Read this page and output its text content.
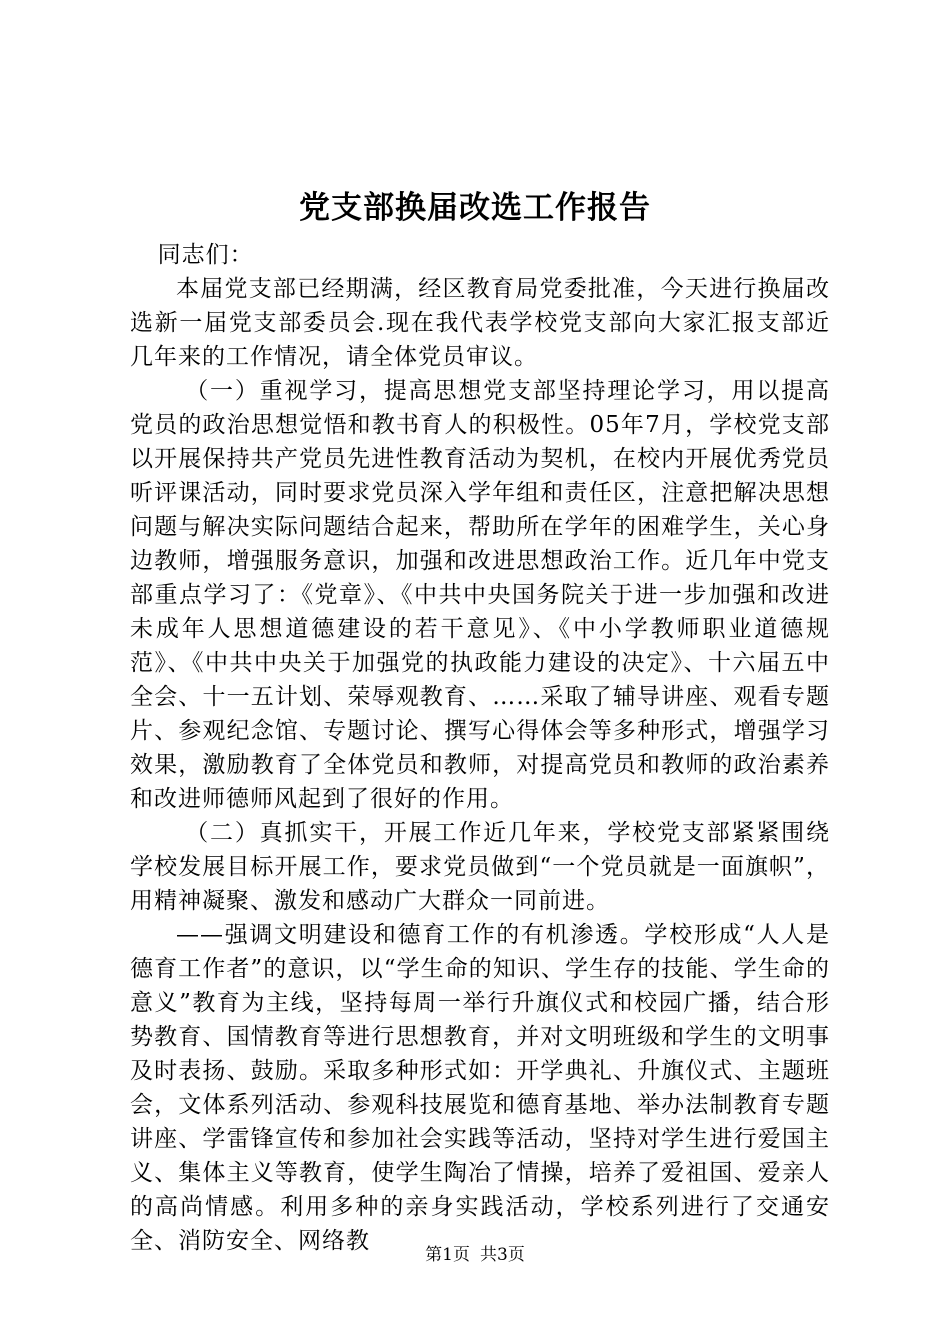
党支部换届改选工作报告

同志们：

本届党支部已经期满，经区教育局党委批准，今天进行换届改选新一届党支部委员会.现在我代表学校党支部向大家汇报支部近几年来的工作情况，请全体党员审议。

（一）重视学习，提高思想党支部坚持理论学习，用以提高党员的政治思想觉悟和教书育人的积极性。05年7月，学校党支部以开展保持共产党员先进性教育活动为契机，在校内开展优秀党员听评课活动，同时要求党员深入学年组和责任区，注意把解决思想问题与解决实际问题结合起来，帮助所在学年的困难学生，关心身边教师，增强服务意识，加强和改进思想政治工作。近几年中党支部重点学习了：《党章》、《中共中央国务院关于进一步加强和改进未成年人思想道德建设的若干意见》、《中小学教师职业道德规范》、《中共中央关于加强党的执政能力建设的决定》、十六届五中全会、十一五计划、荣辱观教育、……采取了辅导讲座、观看专题片、参观纪念馆、专题讨论、撰写心得体会等多种形式，增强学习效果，激励教育了全体党员和教师，对提高党员和教师的政治素养和改进师德师风起到了很好的作用。

（二）真抓实干，开展工作近几年来，学校党支部紧紧围绕学校发展目标开展工作，要求党员做到“一个党员就是一面旗帜”，用精神凝聚、激发和感动广大群众一同前进。

——强调文明建设和德育工作的有机渗透。学校形成“人人是德育工作者”的意识，以“学生命的知识、学生存的技能、学生命的意义”教育为主线，坚持每周一举行升旗仪式和校园广播，结合形势教育、国情教育等进行思想教育，并对文明班级和学生的文明事及时表扬、鼓励。采取多种形式如：开学典礼、升旗仪式、主题班会，文体系列活动、参观科技展览和德育基地、举办法制教育专题讲座、学雷锋宣传和参加社会实践等活动，坚持对学生进行爱国主义、集体主义等教育，使学生陶冶了情操，培养了爱祖国、爱亲人的高尚情感。利用多种的亲身实践活动，学校系列进行了交通安全、消防安全、网络教

第1页 共3页
